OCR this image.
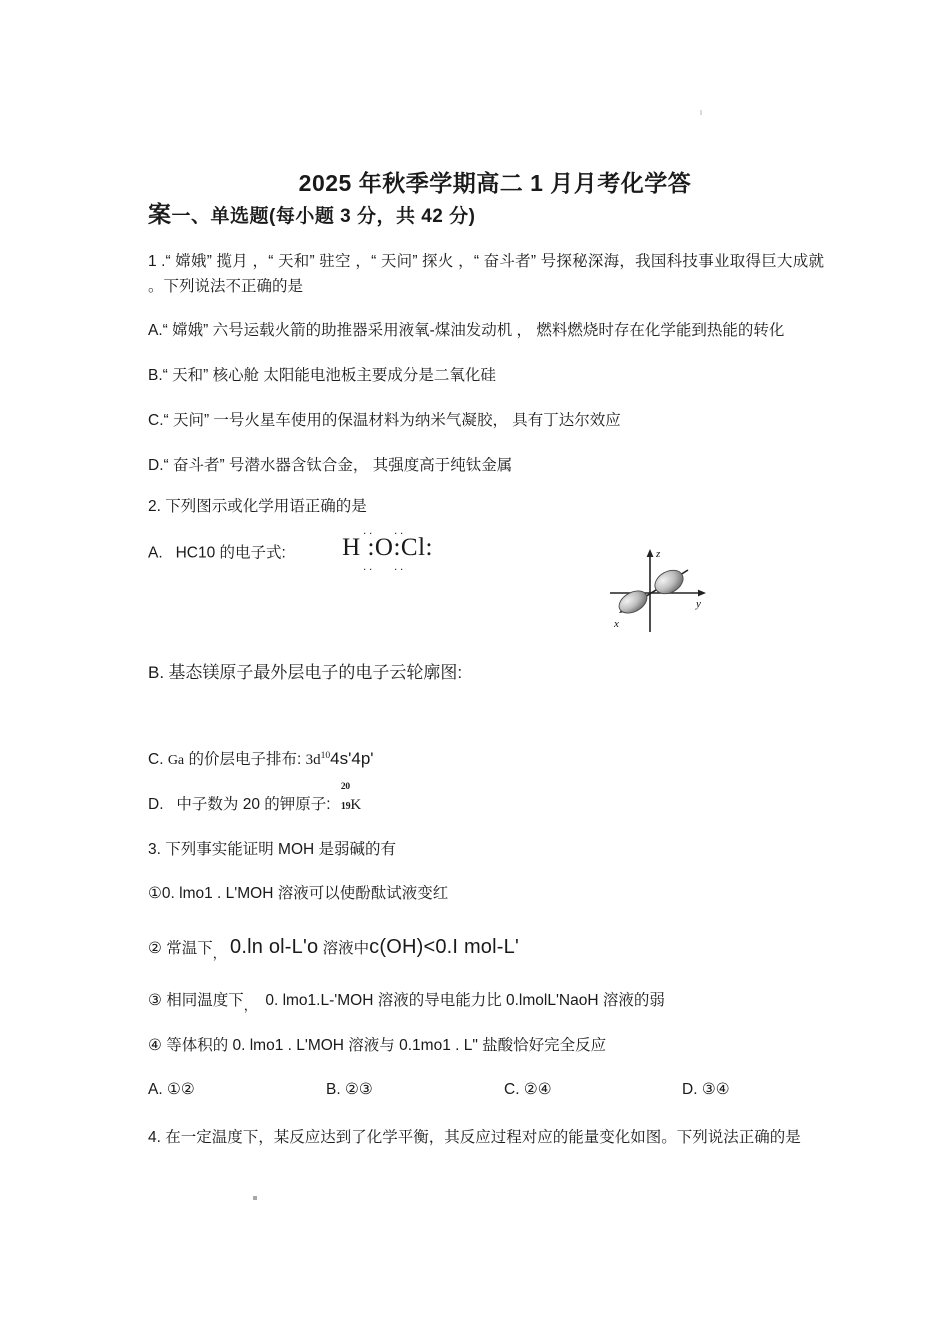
2025 年秋季学期高二 1 月月考化学答
案一、单选题(每小题 3 分，共 42 分)
1 .“ 嫦娥” 揽月 ，“ 天和” 驻空 ，“ 天问” 探火 ，“ 奋斗者” 号探秘深海，我国科技事业取得巨大成就 。下列说法不正确的是
A.“ 嫦娥” 六号运载火箭的助推器采用液氧-煤油发动机 ， 燃料燃烧时存在化学能到热能的转化
B.“ 天和” 核心舱 太阳能电池板主要成分是二氧化硅
C.“ 天问” 一号火星车使用的保温材料为纳米气凝胶， 具有丁达尔效应
D.“ 奋斗者” 号潜水器含钛合金， 其强度高于纯钛金属
2. 下列图示或化学用语正确的是
A. HC10 的电子式: H :O:Cl:
..
..
..
..
B. 基态镁原子最外层电子的电子云轮廓图:
z
y
x
C. Ga 的价层电子排布: $3d^{10}4s'4p'$
D. 中子数为 20 的钾原子:
20
19K
3. 下列事实能证明 MOH 是弱碱的有
①0. lmo1 . L'MOH 溶液可以使酚酞试液变红
② 常温下， 0.ln ol-L'o 溶液中c(OH)<0.I mol-L'
③ 相同温度下， 0. lmo1.L-'MOH 溶液的导电能力比 0.lmolL'NaoH 溶液的弱
④ 等体积的 0. lmo1 . L'MOH 溶液与 0.1mo1 . L" 盐酸恰好完全反应
A. ①②	B. ②③	C. ②④	D. ③④
4. 在一定温度下，某反应达到了化学平衡，其反应过程对应的能量变化如图。下列说法正确的是
